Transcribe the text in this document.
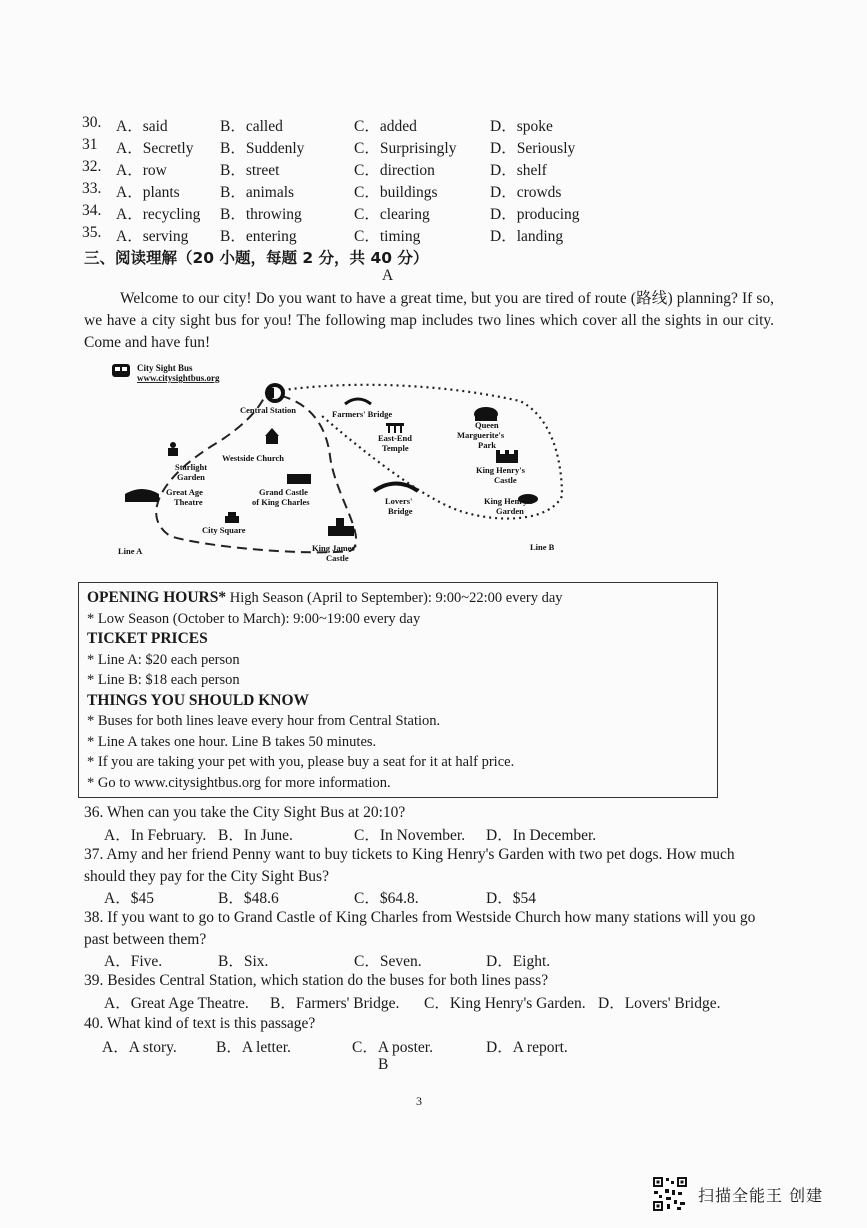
30. A．said	B．called	C．added	D．spoke
31 A．Secretly B．Suddenly	C．Surprisingly D．Seriously
32. A．row	B．street	C．direction	D．shelf
33. A．plants	B．animals	C．buildings	D．crowds
34. A．recycling B．throwing	C．clearing	D．producing
35. A．serving B．entering	C．timing	D．landing
三、阅读理解（20 小题，每题 2 分，共 40 分）
A
Welcome to our city! Do you want to have a great time, but you are tired of route (路线) planning? If so, we have a city sight bus for you! The following map includes two lines which cover all the sights in our city. Come and have fun!
City Sight Bus
www.citysightbus.org
Central Station	Farmers' Bridge
East-End
Temple
Queen
Marguerite's
Park
Westside Church
Starlight
Garden
Great Age
Theatre
Grand Castle
of King Charles	Lovers'
Bridge
King Henry's
Castle
King Henry's
Garden
City Square
King James'
Castle
Line A	Line B
OPENING HOURS* High Season (April to September): 9:00~22:00 every day
* Low Season (October to March): 9:00~19:00 every day
TICKET PRICES
* Line A: $20 each person
* Line B: $18 each person
THINGS YOU SHOULD KNOW
* Buses for both lines leave every hour from Central Station.
* Line A takes one hour. Line B takes 50 minutes.
* If you are taking your pet with you, please buy a seat for it at half price.
* Go to www.citysightbus.org for more information.
36. When can you take the City Sight Bus at 20:10?
A．In February. B．In June.	C．In November. D．In December.
37. Amy and her friend Penny want to buy tickets to King Henry's Garden with two pet dogs. How much should they pay for the City Sight Bus?
A．$45	B．$48.6	C．$64.8.	D．$54
38. If you want to go to Grand Castle of King Charles from Westside Church how many stations will you go past between them?
A．Five.	B．Six.	C．Seven.	D．Eight.
39. Besides Central Station, which station do the buses for both lines pass?
A．Great Age Theatre. B．Farmers' Bridge. C．King Henry's Garden. D．Lovers' Bridge.
40. What kind of text is this passage?
A．A story.	B．A letter.	C．A poster.	D．A report.
B
3
扫描全能王 创建
